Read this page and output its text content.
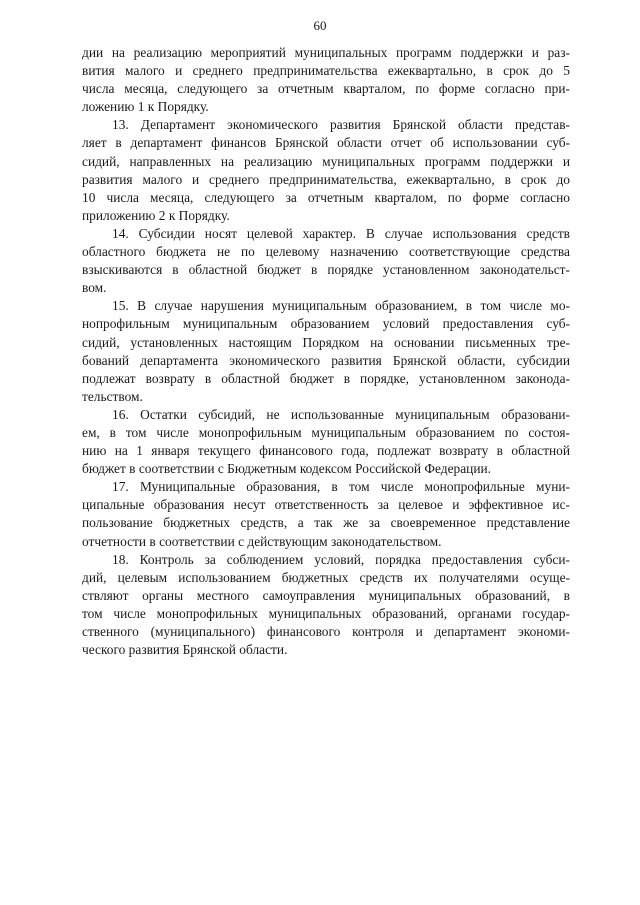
60

дии на реализацию мероприятий муниципальных программ поддержки и раз-
вития малого и среднего предпринимательства ежеквартально, в срок до 5
числа месяца, следующего за отчетным кварталом, по форме согласно при-
ложению 1 к Порядку.

13. Департамент экономического развития Брянской области представ-
ляет в департамент финансов Брянской области отчет об использовании суб-
сидий, направленных на реализацию муниципальных программ поддержки и
развития малого и среднего предпринимательства, ежеквартально, в срок до
10 числа месяца, следующего за отчетным кварталом, по форме согласно
приложению 2 к Порядку.

14. Субсидии носят целевой характер. В случае использования средств
областного бюджета не по целевому назначению соответствующие средства
взыскиваются в областной бюджет в порядке установленном законодательст-
вом.

15. В случае нарушения муниципальным образованием, в том числе мо-
нопрофильным муниципальным образованием условий предоставления суб-
сидий, установленных настоящим Порядком на основании письменных тре-
бований департамента экономического развития Брянской области, субсидии
подлежат возврату в областной бюджет в порядке, установленном законода-
тельством.

16. Остатки субсидий, не использованные муниципальным образовани-
ем, в том числе монопрофильным муниципальным образованием по состоя-
нию на 1 января текущего финансового года, подлежат возврату в областной
бюджет в соответствии с Бюджетным кодексом Российской Федерации.

17. Муниципальные образования, в том числе монопрофильные муни-
ципальные образования несут ответственность за целевое и эффективное ис-
пользование бюджетных средств, а так же за своевременное представление
отчетности в соответствии с действующим законодательством.

18. Контроль за соблюдением условий, порядка предоставления субси-
дий, целевым использованием бюджетных средств их получателями осуще-
ствляют органы местного самоуправления муниципальных образований, в
том числе монопрофильных муниципальных образований, органами государ-
ственного (муниципального) финансового контроля и департамент экономи-
ческого развития Брянской области.
